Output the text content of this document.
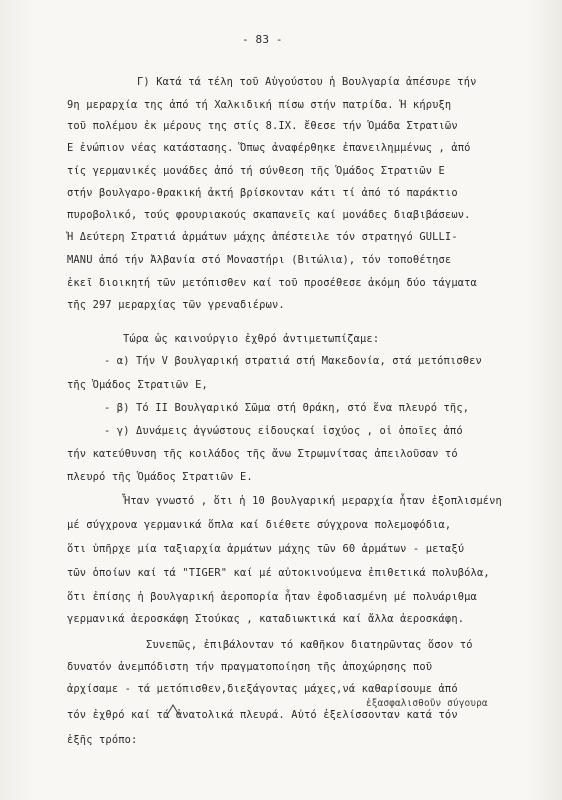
- 83 -
Γ) Κατά τά τέλη τοῦ Αὐγούστου ἡ Βουλγαρία ἀπέσυρε τήν
9η μεραρχία της ἀπό τή Χαλκιδική πίσω στήν πατρίδα. Ἡ κήρυξη
τοῦ πολέμου ἐκ μέρους της στίς 8.IX. ἔθεσε τήν Ὁμάδα Στρατιῶν
Ε ἐνώπιον νέας κατάστασης. Ὅπως ἀναφέρθηκε ἐπανειλημμένως , ἀπό
τίς γερμανικές μονάδες ἀπό τή σύνθεση τῆς Ὁμάδος Στρατιῶν Ε
στήν βουλγαρο-θρακική ἀκτή βρίσκονταν κάτι τί ἀπό τό παράκτιο
πυροβολικό, τούς φρουριακούς σκαπανεῖς καί μονάδες διαβιβάσεων.
Ἡ Δεύτερη Στρατιά ἁρμάτων μάχης ἀπέστειλε τόν στρατηγό GULLI-
MANU ἀπό τήν Ἀλβανία στό Μοναστήρι (Βιτώλια), τόν τοποθέτησε
ἐκεῖ διοικητή τῶν μετόπισθεν καί τοῦ προσέθεσε ἀκόμη δύο τάγματα
τῆς 297 μεραρχίας τῶν γρεναδιέρων.
Τώρα ὡς καινούργιο ἐχθρό ἀντιμετωπίζαμε:
- α) Τήν V βουλγαρική στρατιά στή Μακεδονία, στά μετόπισθεν
τῆς Ὁμάδος Στρατιῶν Ε,
- β) Τό II Βουλγαρικό Σῶμα στή Θράκη, στό ἕνα πλευρό τῆς,
- γ) Δυνάμεις ἀγνώστους εἰδουςκαί ἰσχύος , οἱ ὁποῖες ἀπό
τήν κατεύθυνση τῆς κοιλάδος τῆς ἄνω Στρωμνίτσας ἀπειλοῦσαν τό
πλευρό τῆς Ὁμάδος Στρατιῶν Ε.
Ἦταν γνωστό , ὅτι ἡ 10 βουλγαρική μεραρχία ἦταν ἐξοπλισμένη
μέ σύγχρονα γερμανικά ὅπλα καί διέθετε σύγχρονα πολεμοφόδια,
ὅτι ὑπῆρχε μία ταξιαρχία ἁρμάτων μάχης τῶν 60 ἁρμάτων - μεταξύ
τῶν ὁποίων καί τά "TIGER" καί μέ αὐτοκινούμενα ἐπιθετικά πολυβόλα,
ὅτι ἐπίσης ἡ βουλγαρική ἀεροπορία ἦταν ἐφοδιασμένη μέ πολυάριθμα
γερμανικά ἀεροσκάφη Στούκας , καταδιωκτικά καί ἄλλα ἀεροσκάφη.
Συνεπῶς, ἐπιβάλονταν τό καθῆκον διατηρῶντας ὅσον τό
δυνατόν ἀνεμπόδιστη τήν πραγματοποίηση τῆς ἀποχώρησης ποῦ
ἀρχίσαμε - τά μετόπισθεν,διεξάγοντας μάχες,νά καθαρίσουμε ἀπό
ἐξασφαλισθοῦν σύγουρα
τόν ἐχθρό καί τά ἀνατολικά πλευρά. Αὐτό ἐξελίσσονταν κατά τόν
ἑξῆς τρόπο:
